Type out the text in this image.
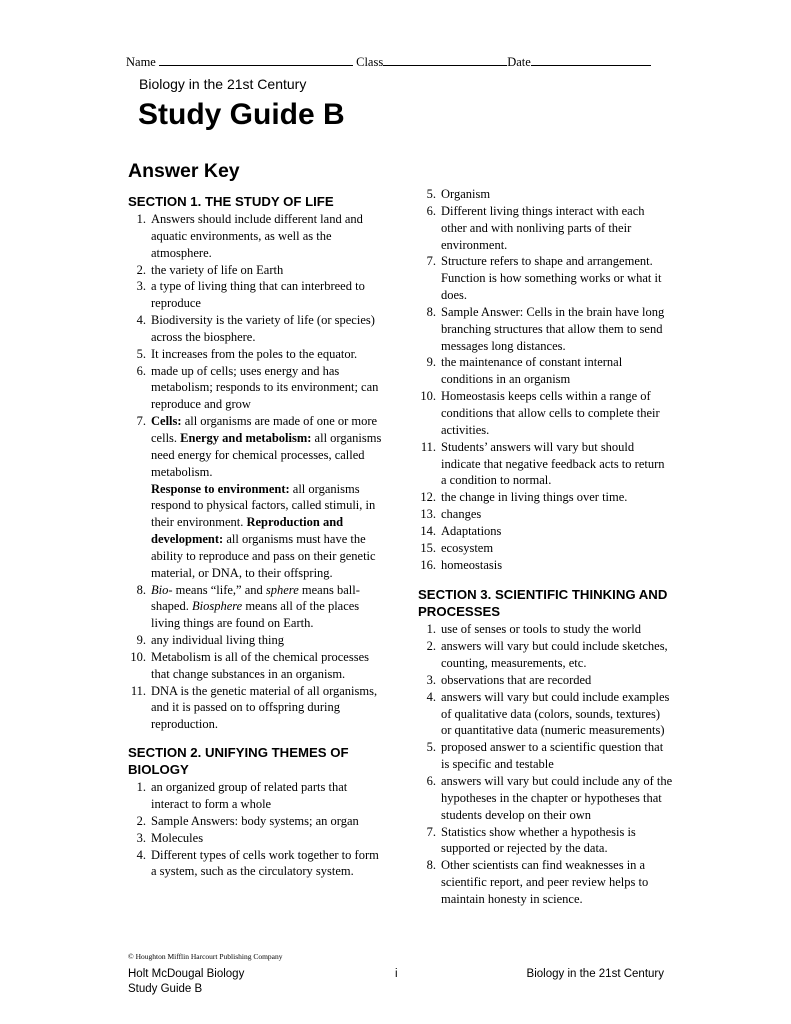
Name	Class	Date
Biology in the 21st Century
Study Guide B
Answer Key
SECTION 1. THE STUDY OF LIFE
1. Answers should include different land and aquatic environments, as well as the atmosphere.
2. the variety of life on Earth
3. a type of living thing that can interbreed to reproduce
4. Biodiversity is the variety of life (or species) across the biosphere.
5. It increases from the poles to the equator.
6. made up of cells; uses energy and has metabolism; responds to its environment; can reproduce and grow
7. Cells: all organisms are made of one or more cells. Energy and metabolism: all organisms need energy for chemical processes, called metabolism.
Response to environment: all organisms respond to physical factors, called stimuli, in their environment. Reproduction and development: all organisms must have the ability to reproduce and pass on their genetic material, or DNA, to their offspring.
8. Bio- means “life,” and sphere means ball-shaped. Biosphere means all of the places living things are found on Earth.
9. any individual living thing
10. Metabolism is all of the chemical processes that change substances in an organism.
11. DNA is the genetic material of all organisms, and it is passed on to offspring during reproduction.
SECTION 2. UNIFYING THEMES OF BIOLOGY
1. an organized group of related parts that interact to form a whole
2. Sample Answers: body systems; an organ
3. Molecules
4. Different types of cells work together to form a system, such as the circulatory system.
5. Organism
6. Different living things interact with each other and with nonliving parts of their environment.
7. Structure refers to shape and arrangement. Function is how something works or what it does.
8. Sample Answer: Cells in the brain have long branching structures that allow them to send messages long distances.
9. the maintenance of constant internal conditions in an organism
10. Homeostasis keeps cells within a range of conditions that allow cells to complete their activities.
11. Students’ answers will vary but should indicate that negative feedback acts to return a condition to normal.
12. the change in living things over time.
13. changes
14. Adaptations
15. ecosystem
16. homeostasis
SECTION 3. SCIENTIFIC THINKING AND PROCESSES
1. use of senses or tools to study the world
2. answers will vary but could include sketches, counting, measurements, etc.
3. observations that are recorded
4. answers will vary but could include examples of qualitative data (colors, sounds, textures) or quantitative data (numeric measurements)
5. proposed answer to a scientific question that is specific and testable
6. answers will vary but could include any of the hypotheses in the chapter or hypotheses that students develop on their own
7. Statistics show whether a hypothesis is supported or rejected by the data.
8. Other scientists can find weaknesses in a scientific report, and peer review helps to maintain honesty in science.
© Houghton Mifflin Harcourt Publishing Company
Holt McDougal Biology
Study Guide B
i	Biology in the 21st Century
